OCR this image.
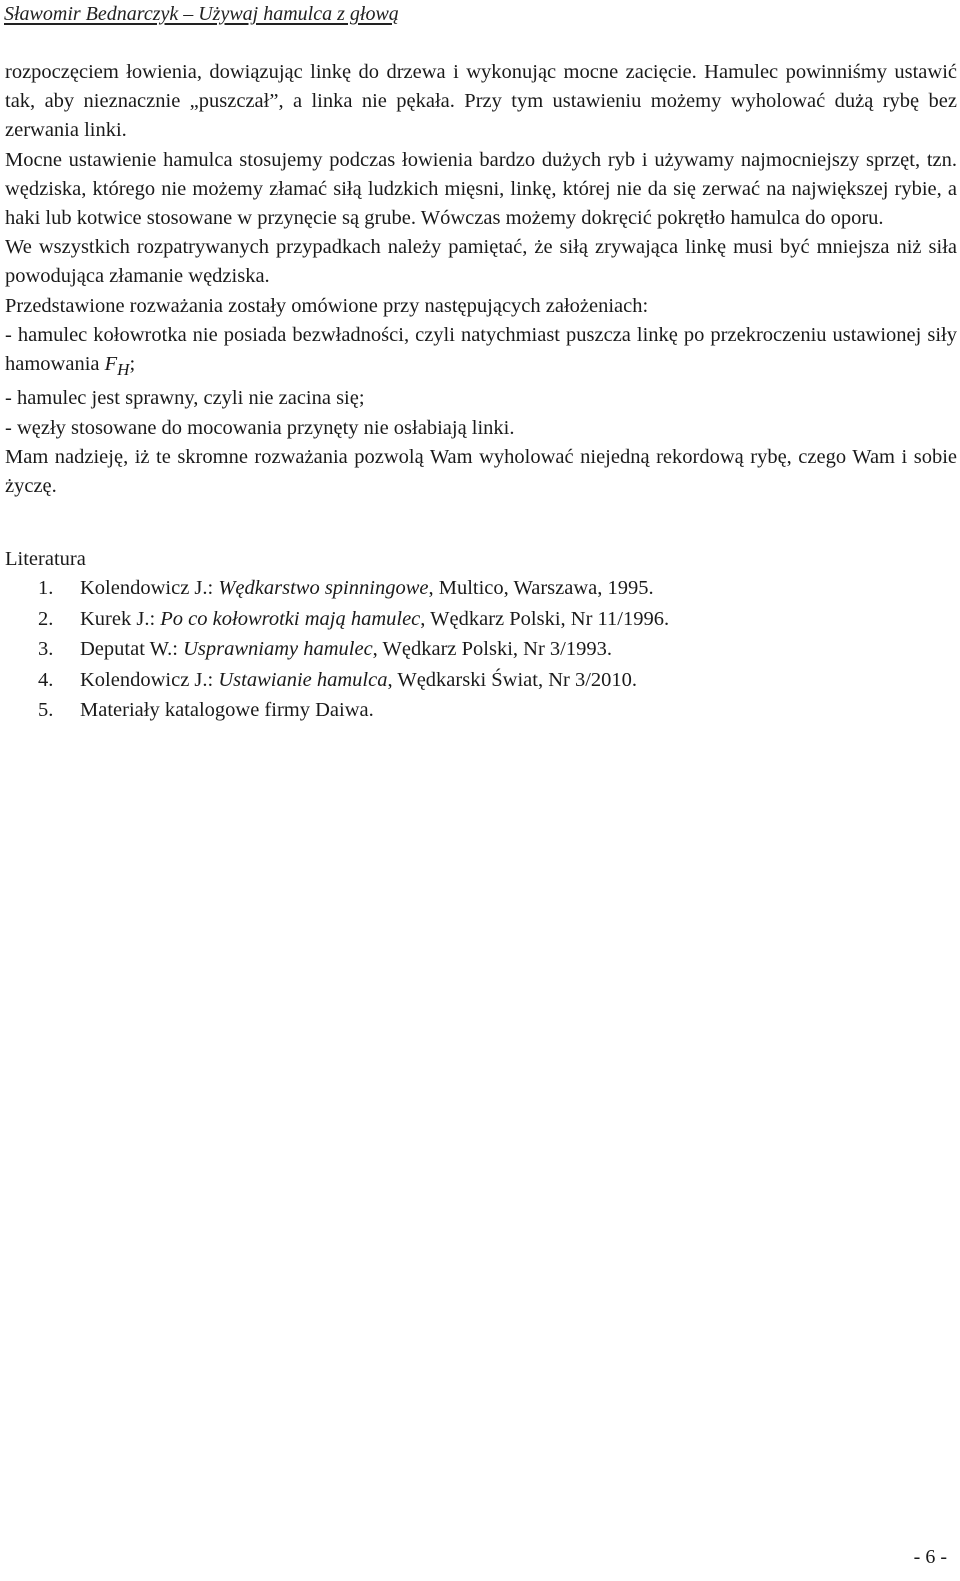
Sławomir Bednarczyk – Używaj hamulca z głową

rozpoczęciem łowienia, dowiązując linkę do drzewa i wykonując mocne zacięcie. Hamulec powinniśmy ustawić tak, aby nieznacznie „puszczał”, a linka nie pękała. Przy tym ustawieniu możemy wyholować dużą rybę bez zerwania linki.

Mocne ustawienie hamulca stosujemy podczas łowienia bardzo dużych ryb i używamy najmocniejszy sprzęt, tzn. wędziska, którego nie możemy złamać siłą ludzkich mięsni, linkę, której nie da się zerwać na największej rybie, a haki lub kotwice stosowane w przynęcie są grube. Wówczas możemy dokręcić pokrętło hamulca do oporu.

We wszystkich rozpatrywanych przypadkach należy pamiętać, że siłą zrywająca linkę musi być mniejsza niż siła powodująca złamanie wędziska.

Przedstawione rozważania zostały omówione przy następujących założeniach:

- hamulec kołowrotka nie posiada bezwładności, czyli natychmiast puszcza linkę po przekroczeniu ustawionej siły hamowania $F_H$;

- hamulec jest sprawny, czyli nie zacina się;

- węzły stosowane do mocowania przynęty nie osłabiają linki.

Mam nadzieję, iż te skromne rozważania pozwolą Wam wyholować niejedną rekordową rybę, czego Wam i sobie życzę.

Literatura
1. Kolendowicz J.: Wędkarstwo spinningowe, Multico, Warszawa, 1995.
2. Kurek J.: Po co kołowrotki mają hamulec, Wędkarz Polski, Nr 11/1996.
3. Deputat W.: Usprawniamy hamulec, Wędkarz Polski, Nr 3/1993.
4. Kolendowicz J.: Ustawianie hamulca, Wędkarski Świat, Nr 3/2010.
5. Materiały katalogowe firmy Daiwa.
- 6 -
